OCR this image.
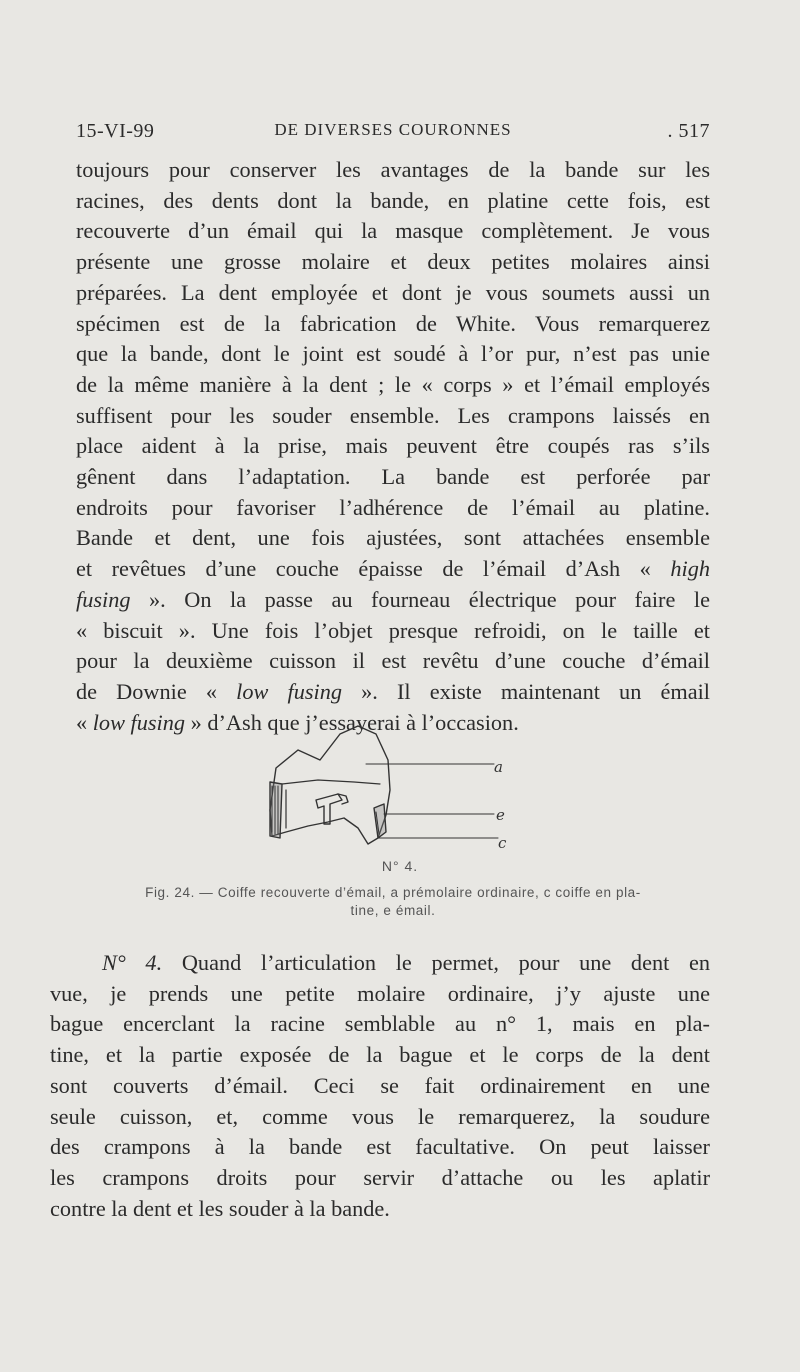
15-VI-99	DE DIVERSES COURONNES	. 517

toujours pour conserver les avantages de la bande sur les
racines, des dents dont la bande, en platine cette fois, est
recouverte d’un émail qui la masque complètement. Je vous
présente une grosse molaire et deux petites molaires ainsi
préparées. La dent employée et dont je vous soumets aussi un
spécimen est de la fabrication de White. Vous remarquerez
que la bande, dont le joint est soudé à l’or pur, n’est pas unie
de la même manière à la dent ; le « corps » et l’émail employés
suffisent pour les souder ensemble. Les crampons laissés en
place aident à la prise, mais peuvent être coupés ras s’ils
gênent dans l’adaptation. La bande est perforée par
endroits pour favoriser l’adhérence de l’émail au platine.
Bande et dent, une fois ajustées, sont attachées ensemble
et revêtues d’une couche épaisse de l’émail d’Ash « high
fusing ». On la passe au fourneau électrique pour faire le
« biscuit ». Une fois l’objet presque refroidi, on le taille et
pour la deuxième cuisson il est revêtu d’une couche d’émail
de Downie « low fusing ». Il existe maintenant un émail
« low fusing » d’Ash que j’essayerai à l’occasion.

a
e
c
N° 4.
Fig. 24. — Coiffe recouverte d’émail, a prémolaire ordinaire, c coiffe en pla-
tine, e émail.

N° 4. Quand l’articulation le permet, pour une dent en

vue, je prends une petite molaire ordinaire, j’y ajuste une
bague encerclant la racine semblable au n° 1, mais en pla-
tine, et la partie exposée de la bague et le corps de la dent
sont couverts d’émail. Ceci se fait ordinairement en une
seule cuisson, et, comme vous le remarquerez, la soudure
des crampons à la bande est facultative. On peut laisser
les crampons droits pour servir d’attache ou les aplatir
contre la dent et les souder à la bande.
